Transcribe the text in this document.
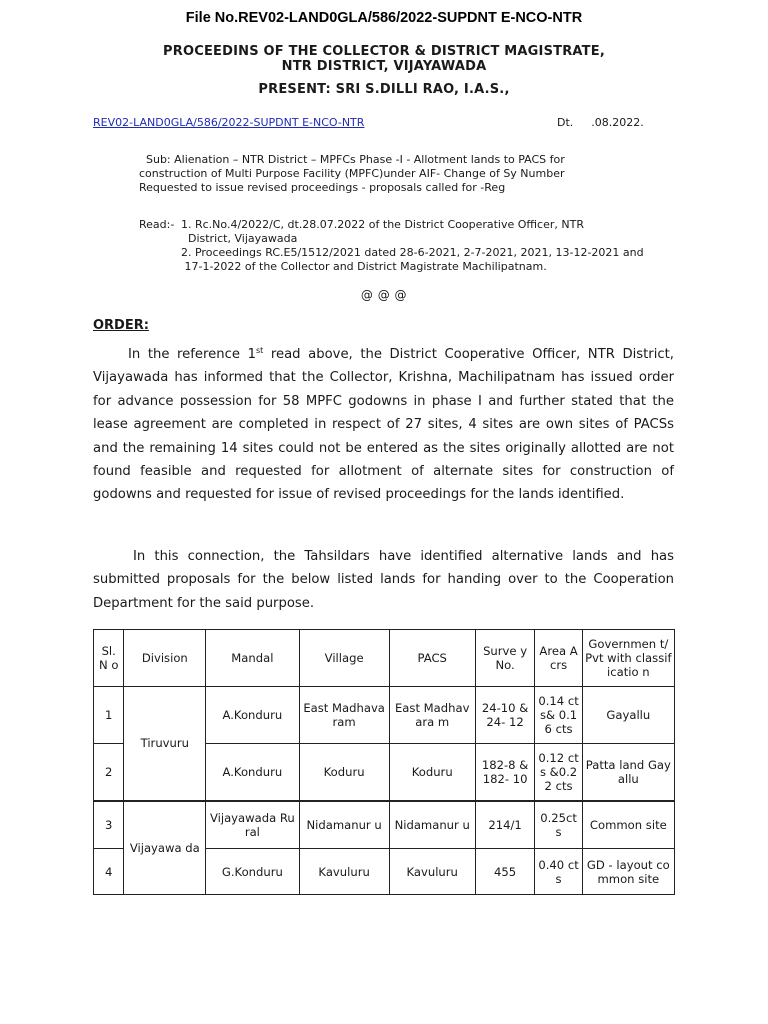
File No.REV02-LAND0GLA/586/2022-SUPDNT E-NCO-NTR
PROCEEDINS OF THE COLLECTOR & DISTRICT MAGISTRATE,
NTR DISTRICT, VIJAYAWADA
PRESENT: SRI S.DILLI RAO, I.A.S.,
REV02-LAND0GLA/586/2022-SUPDNT E-NCO-NTR	Dt. .08.2022.
Sub: Alienation – NTR District – MPFCs Phase -I - Allotment lands to PACS for
construction of Multi Purpose Facility (MPFC)under AIF- Change of Sy Number
Requested to issue revised proceedings - proposals called for -Reg
Read:- 1. Rc.No.4/2022/C, dt.28.07.2022 of the District Cooperative Officer, NTR
District, Vijayawada
2. Proceedings RC.E5/1512/2021 dated 28-6-2021, 2-7-2021, 2021, 13-12-2021 and
17-1-2022 of the Collector and District Magistrate Machilipatnam.
@ @ @
ORDER:
In the reference 1st read above, the District Cooperative Officer, NTR District, Vijayawada has informed that the Collector, Krishna, Machilipatnam has issued order for advance possession for 58 MPFC godowns in phase I and further stated that the lease agreement are completed in respect of 27 sites, 4 sites are own sites of PACSs and the remaining 14 sites could not be entered as the sites originally allotted are not found feasible and requested for allotment of alternate sites for construction of godowns and requested for issue of revised proceedings for the lands identified.
In this connection, the Tahsildars have identified alternative lands and has submitted proposals for the below listed lands for handing over to the Cooperation Department for the said purpose.
Sl. N o	Division	Mandal	Village	PACS	Surve y No.	Area Acrs	Governmen t/ Pvt with classificatio n
1	Tiruvuru	A.Konduru	East Madhavaram	East Madhavara m	24-10 & 24- 12	0.14 cts& 0.16 cts	Gayallu
2		A.Konduru	Koduru	Koduru	182-8 & 182- 10	0.12 cts &0.22 cts	Patta land Gayallu
3	Vijayawa da	Vijayawada Rural	Nidamanur u	Nidamanur u	214/1	0.25ct s	Common site
4		G.Konduru	Kavuluru	Kavuluru	455	0.40 cts	GD - layout common site
